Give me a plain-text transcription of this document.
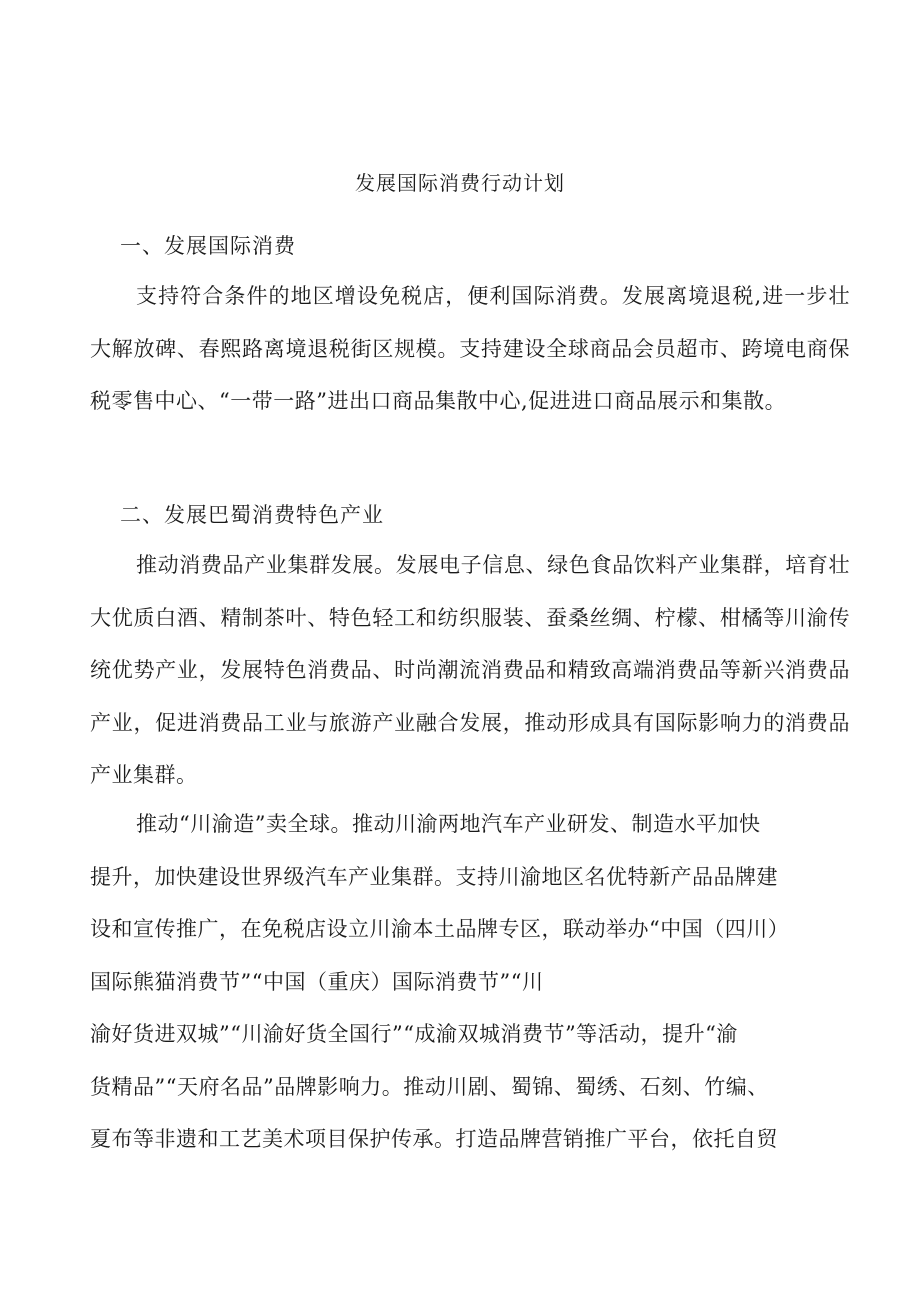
发展国际消费行动计划
一、发展国际消费

支持符合条件的地区增设免税店，便利国际消费。发展离境退税,进一步壮大解放碑、春熙路离境退税街区规模。支持建设全球商品会员超市、跨境电商保税零售中心、“一带一路”进出口商品集散中心,促进进口商品展示和集散。

二、发展巴蜀消费特色产业

推动消费品产业集群发展。发展电子信息、绿色食品饮料产业集群，培育壮大优质白酒、精制茶叶、特色轻工和纺织服装、蚕桑丝绸、柠檬、柑橘等川渝传统优势产业，发展特色消费品、时尚潮流消费品和精致高端消费品等新兴消费品产业，促进消费品工业与旅游产业融合发展，推动形成具有国际影响力的消费品产业集群。

推动“川渝造”卖全球。推动川渝两地汽车产业研发、制造水平加快
提升，加快建设世界级汽车产业集群。支持川渝地区名优特新产品品牌建
设和宣传推广，在免税店设立川渝本土品牌专区，联动举办“中国（四川）
国际熊猫消费节”“中国（重庆）国际消费节”“川
渝好货进双城”“川渝好货全国行”“成渝双城消费节”等活动，提升“渝
货精品”“天府名品”品牌影响力。推动川剧、蜀锦、蜀绣、石刻、竹编、
夏布等非遗和工艺美术项目保护传承。打造品牌营销推广平台，依托自贸
